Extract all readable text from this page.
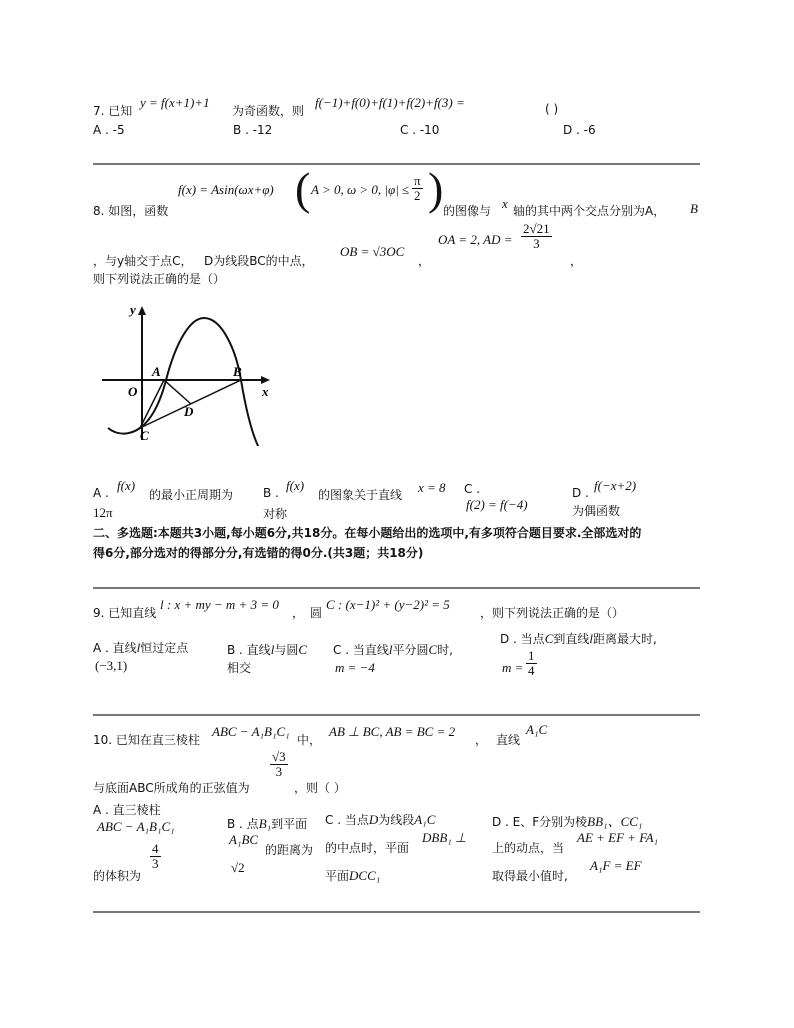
7. 已知
y = f(x+1)+1
为奇函数，则
f(−1)+f(0)+f(1)+f(2)+f(3) =	( )
A . -5	B . -12	C . -10	D . -6
f(x) = Asin(ωx+φ) ( A > 0, ω > 0, $|\varphi| \le \frac{\pi}{2}$ )
8. 如图，函数	的图像与 x 轴的其中两个交点分别为A， B
，与y轴交于点C， D为线段BC的中点，
OB = √3OC
，
OA = 2, AD = $\frac{2√21}{3}$
，
则下列说法正确的是（）
y
x
O
A	B
C
D
A . f(x)
的最小正周期为
12π
B . f(x)
的图象关于直线 x = 8
对称
C .
f(2) = f(−4)
D . f(−x+2)
为偶函数
二、多选题:本题共3小题,每小题6分,共18分。在每小题给出的选项中,有多项符合题目要求.全部选对的
得6分,部分选对的得部分分,有选错的得0分.(共3题；共18分)
9. 已知直线
l : x + my − m + 3 = 0
， 圆
C : (x−1)² + (y−2)² = 5
，则下列说法正确的是（）
A . 直线l恒过定点
(−3,1)
B . 直线l与圆C
相交
C . 当直线l平分圆C时,
m = −4
D . 当点C到直线l距离最大时,
$m = \frac{1}{4}$
10. 已知在直三棱柱
ABC − A₁B₁C₁
中，
AB ⊥ BC, AB = BC = 2
， 直线
A₁C
与底面ABC所成角的正弦值为
$\frac{√3}{3}$
，则（ ）
A . 直三棱柱
ABC − A₁B₁C₁
的体积为
$\frac{4}{3}$
B . 点B₁到平面
A₁BC
的距离为
√2
C . 当点D为线段A₁C
的中点时，平面
DBB₁ ⊥
平面DCC₁
D . E、F分别为棱BB₁、CC₁
上的动点，当
AE + EF + FA₁
取得最小值时,
A₁F = EF
